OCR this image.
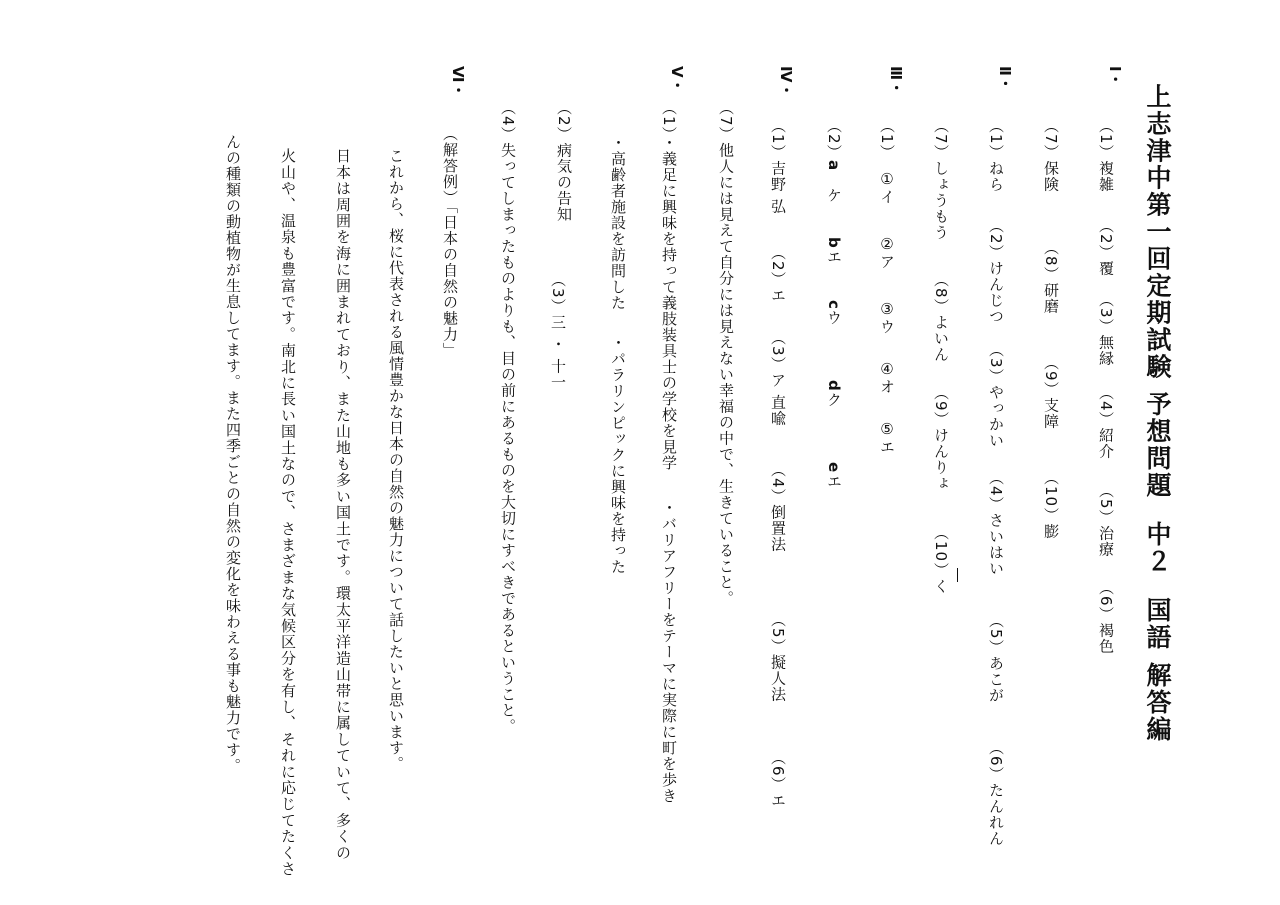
上志津中第一回定期試験 予想問題中２国語 解答編

Ⅰ・
（1）複雑
（2）覆
（3）無縁
（4）紹介
（5）治療
（6）褐色
（7）保険
（8）研磨
（9）支障
（10）膨
Ⅱ・
（1）ねら
（2）けんじつ
（3）やっかい
（4）さいはい
（5）あこが
（6）たんれん
（7）しょうもう
（8）よいん
（9）けんりょ
（10）く
Ⅲ・
（1）
①イ
②ア
③ウ
④オ
⑤エ
（2）
a　ケ
bエ
cウ
dク
eエ
Ⅳ・
（1）吉野 弘
（2）エ
（3）ア 直喩
（4）倒置法
（5）擬人法
（6）エ
（7）他人には見えて自分には見えない幸福の中で、生きていること。
Ⅴ・
（1）・義足に興味を持って義肢装具士の学校を見学
・バリアフリーをテーマに実際に町を歩き
・高齢者施設を訪問した
・パラリンピックに興味を持った
（2）病気の告知
（3）三 ・ 十一
（4）失ってしまったものよりも、目の前にあるものを大切にすべきであるということ。
Ⅵ・
（解答例）「日本の自然の魅力」
これから、桜に代表される風情豊かな日本の自然の魅力について話したいと思います。
日本は周囲を海に囲まれており、また山地も多い国土です。環太平洋造山帯に属していて、多くの
火山や、温泉も豊富です。南北に長い国土なので、さまざまな気候区分を有し、それに応じてたくさ
んの種類の動植物が生息してます。また四季ごとの自然の変化を味わえる事も魅力です。
